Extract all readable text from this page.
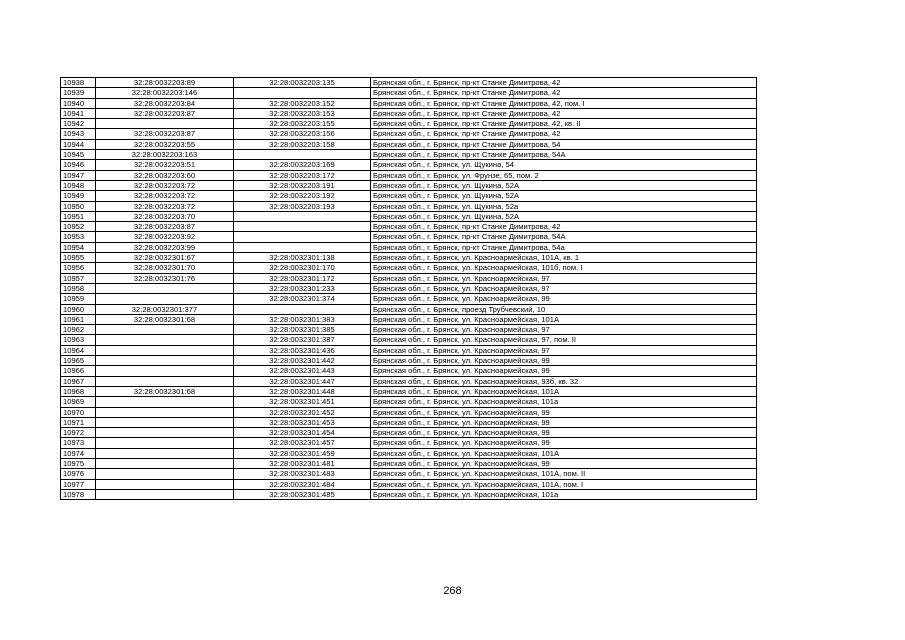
10938	32:28:0032203:89	32:28:0032203:135	Брянская обл., г. Брянск, пр-кт Станке Димитрова, 42
10939	32:28:0032203:146		Брянская обл., г. Брянск, пр-кт Станке Димитрова, 42
10940	32:28:0032203:84	32:28:0032203:152	Брянская обл., г. Брянск, пр-кт Станке Димитрова, 42, пом. I
10941	32:28:0032203:87	32:28:0032203:153	Брянская обл., г. Брянск, пр-кт Станке Димитрова, 42
10942		32:28:0032203:155	Брянская обл., г. Брянск, пр-кт Станке Димитрова, 42, кв. II
10943	32:28:0032203:87	32:28:0032203:156	Брянская обл., г. Брянск, пр-кт Станке Димитрова, 42
10944	32:28:0032203:55	32:28:0032203:158	Брянская обл., г. Брянск, пр-кт Станке Димитрова, 54
10945	32:28:0032203:163		Брянская обл., г. Брянск, пр-кт Станке Димитрова, 54А
10946	32:28:0032203:51	32:28:0032203:169	Брянская обл., г. Брянск, ул. Щукина, 54
10947	32:28:0032203:60	32:28:0032203:172	Брянская обл., г. Брянск, ул. Фрунзе, 65, пом. 2
10948	32:28:0032203:72	32:28:0032203:191	Брянская обл., г. Брянск, ул. Щукина, 52А
10949	32:28:0032203:72	32:28:0032203:192	Брянская обл., г. Брянск, ул. Щукина, 52А
10950	32:28:0032203:72	32:28:0032203:193	Брянская обл., г. Брянск, ул. Щукина, 52а
10951	32:28:0032203:70		Брянская обл., г. Брянск, ул. Щукина, 52А
10952	32:28:0032203:87		Брянская обл., г. Брянск, пр-кт Станке Димитрова, 42
10953	32:28:0032203:92		Брянская обл., г. Брянск, пр-кт Станке Димитрова, 54А
10954	32:28:0032203:99		Брянская обл., г. Брянск, пр-кт Станке Димитрова, 54а
10955	32:28:0032301:67	32:28:0032301:138	Брянская обл., г. Брянск, ул. Красноармейская, 101А, кв. 1
10956	32:28:0032301:70	32:28:0032301:170	Брянская обл., г. Брянск, ул. Красноармейская, 101б, пом. I
10957	32:28:0032301:76	32:28:0032301:172	Брянская обл., г. Брянск, ул. Красноармейская, 97
10958		32:28:0032301:233	Брянская обл., г. Брянск, ул. Красноармейская, 97
10959		32:28:0032301:374	Брянская обл., г. Брянск, ул. Красноармейская, 99
10960	32:28:0032301:377		Брянская обл., г. Брянск, проезд Трубчевский, 10
10961	32:28:0032301:68	32:28:0032301:383	Брянская обл., г. Брянск, ул. Красноармейская, 101А
10962		32:28:0032301:385	Брянская обл., г. Брянск, ул. Красноармейская, 97
10963		32:28:0032301:387	Брянская обл., г. Брянск, ул. Красноармейская, 97, пом. II
10964		32:28:0032301:436	Брянская обл., г. Брянск, ул. Красноармейская, 97
10965		32:28:0032301:442	Брянская обл., г. Брянск, ул. Красноармейская, 99
10966		32:28:0032301:443	Брянская обл., г. Брянск, ул. Красноармейская, 99
10967		32:28:0032301:447	Брянская обл., г. Брянск, ул. Красноармейская, 93б, кв. 32
10968	32:28:0032301:68	32:28:0032301:448	Брянская обл., г. Брянск, ул. Красноармейская, 101А
10969		32:28:0032301:451	Брянская обл., г. Брянск, ул. Красноармейская, 101а
10970		32:28:0032301:452	Брянская обл., г. Брянск, ул. Красноармейская, 99
10971		32:28:0032301:453	Брянская обл., г. Брянск, ул. Красноармейская, 99
10972		32:28:0032301:454	Брянская обл., г. Брянск, ул. Красноармейская, 99
10973		32:28:0032301:457	Брянская обл., г. Брянск, ул. Красноармейская, 99
10974		32:28:0032301:459	Брянская обл., г. Брянск, ул. Красноармейская, 101А
10975		32:28:0032301:481	Брянская обл., г. Брянск, ул. Красноармейская, 99
10976		32:28:0032301:483	Брянская обл., г. Брянск, ул. Красноармейская, 101А, пом. II
10977		32:28:0032301:484	Брянская обл., г. Брянск, ул. Красноармейская, 101А, пом. I
10978		32:28:0032301:485	Брянская обл., г. Брянск, ул. Красноармейская, 101а
268
